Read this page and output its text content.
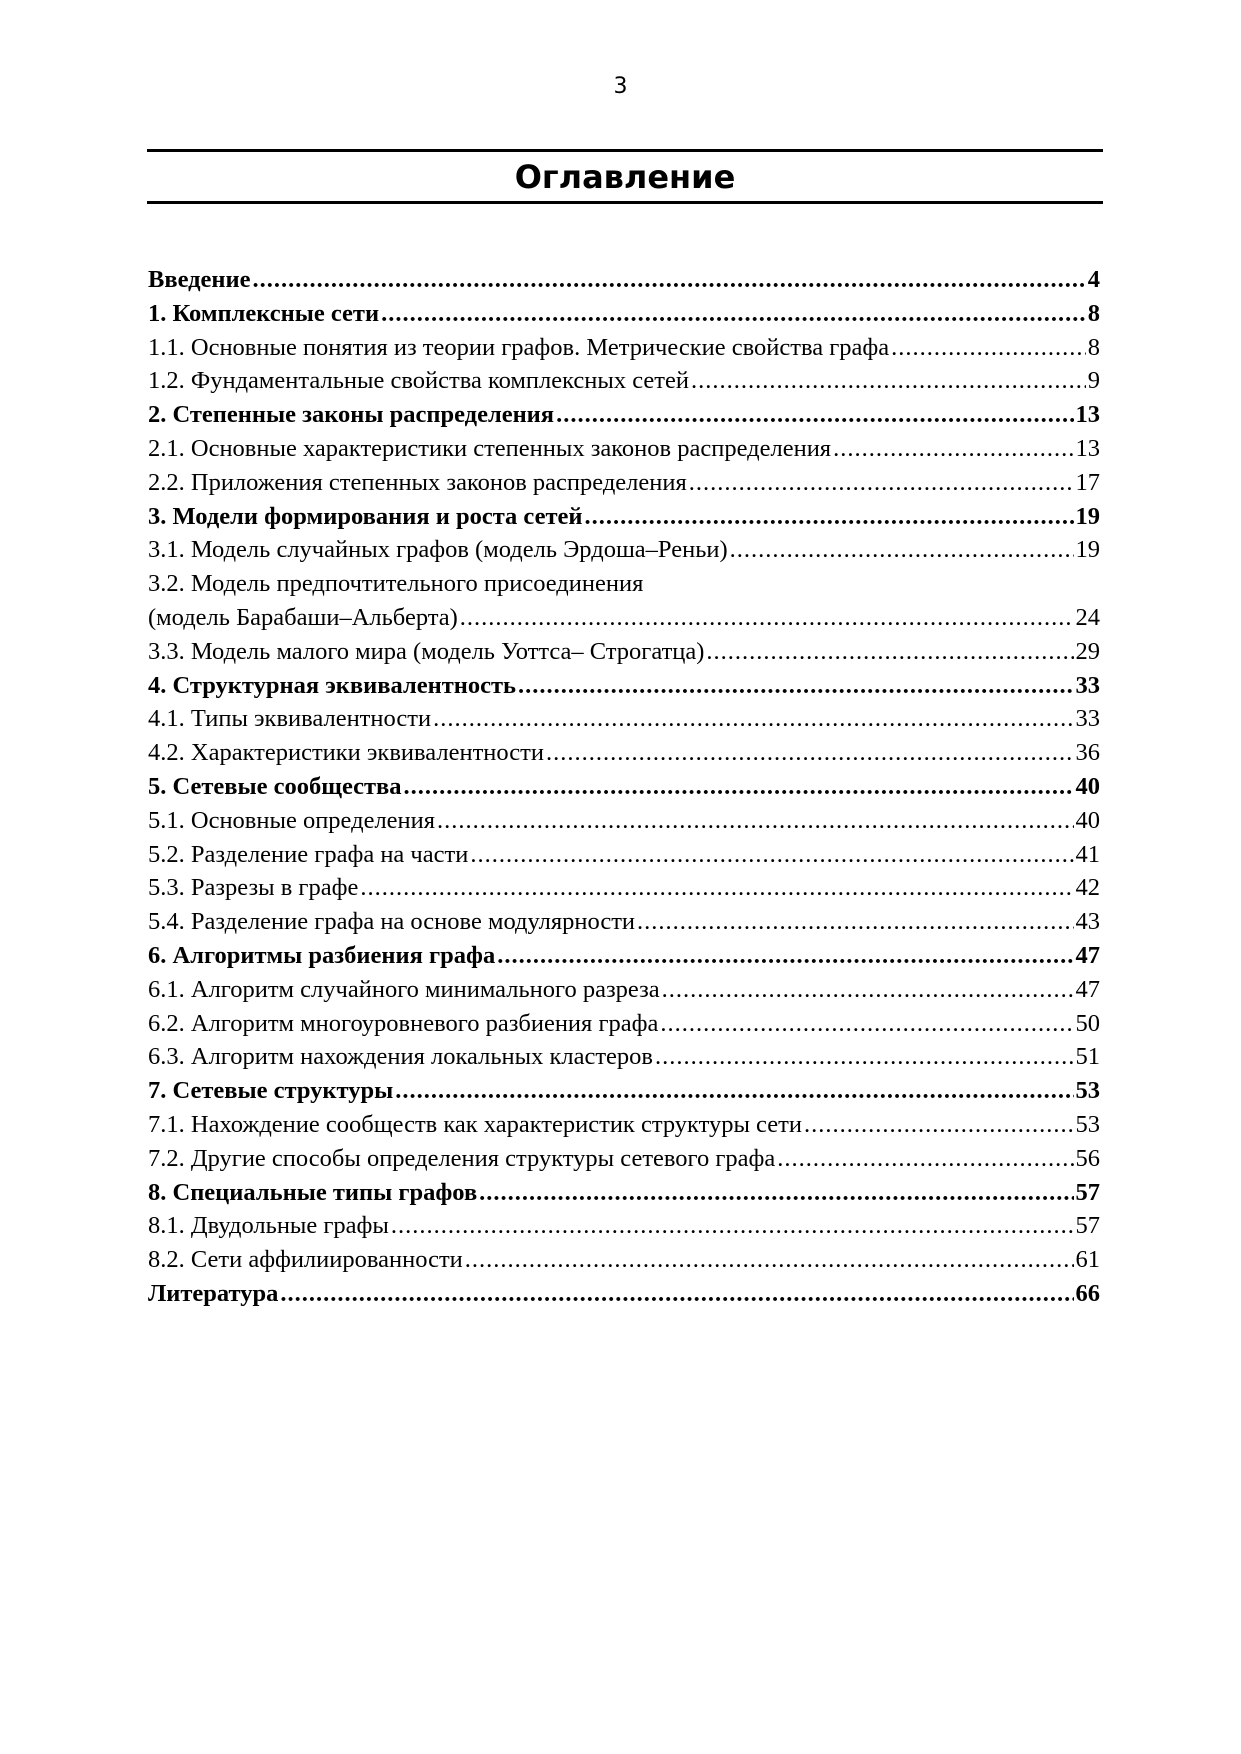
3
Оглавление
Введение .....	4
1. Комплексные сети .....	8
1.1. Основные понятия из теории графов. Метрические свойства графа .....	8
1.2. Фундаментальные свойства комплексных сетей .....	9
2. Степенные законы распределения .....	13
2.1. Основные характеристики степенных законов распределения .....	13
2.2. Приложения степенных законов распределения .....	17
3. Модели формирования и роста сетей .....	19
3.1. Модель случайных графов (модель Эрдоша–Реньи) .....	19
3.2. Модель предпочтительного присоединения
(модель Барабаши–Альберта) .....	24
3.3. Модель малого мира (модель Уоттса– Строгатца) .....	29
4. Структурная эквивалентность .....	33
4.1. Типы эквивалентности .....	33
4.2. Характеристики эквивалентности .....	36
5. Сетевые сообщества .....	40
5.1. Основные определения .....	40
5.2. Разделение графа на части .....	41
5.3. Разрезы в графе .....	42
5.4. Разделение графа на основе модулярности .....	43
6. Алгоритмы разбиения графа .....	47
6.1. Алгоритм случайного минимального разреза .....	47
6.2. Алгоритм многоуровневого разбиения графа .....	50
6.3. Алгоритм нахождения локальных кластеров .....	51
7. Сетевые структуры .....	53
7.1. Нахождение сообществ как характеристик структуры сети .....	53
7.2. Другие способы определения структуры сетевого графа .....	56
8. Специальные типы графов .....	57
8.1. Двудольные графы .....	57
8.2. Сети аффилиированности .....	61
Литература .....	66
